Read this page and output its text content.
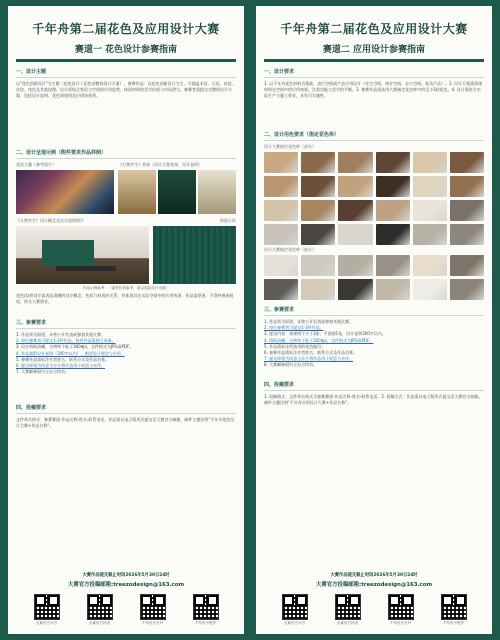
千年舟第二届花色及应用设计大赛
赛道一 花色设计参赛指南
一、设计主题
以"花色创新设计"为主题（花色设计 / 花色的整体设计方案）。参赛作品：以花色创新设计为主，可涵盖木纹、石纹、布纹、皮纹、纯色及其他纹理，设计需贴合家居与空间的应用趋势，体现材料的美学价值与市场潜力。参赛者需提交完整的设计方案，包括设计说明、花色效果图及应用场景图。
二、设计呈现示例（附件要求作品样例）
花纹主题（参考图片）	《万物共生》效果（设计方案效果、设计说明）
《万物共生》设计概念及设计说明图片	饰面小样
作品示例参考：（素材仅供参考，请以实际设计为准）
花色/纹样设计需表达清晰的设计概念、色彩与材质的关系，并体现其在实际空间中的应用效果，作品需原创，不得抄袭或侵权，符合大赛要求。
三、参赛要求
1. 作品须为原创，未曾公开发表或参加其他比赛。
2. 每位参赛者可提交1-3件作品，每件作品需独立成册。
3. 设计图纸清晰，分辨率不低于300dpi，文件格式为JPG或PDF。
4. 作品需附设计说明（300字以内），阐述设计理念与应用。
5. 参赛作品需标注作者姓名、联系方式及作品名称。
6. 提交即视为同意主办方将作品用于展览与宣传。
7. 大赛解释权归主办方所有。
四、投稿要求
文件命名格式：参赛赛道-作品名称-姓名-联系电话。作品需以电子版形式提交至大赛官方邮箱，邮件主题注明"千年舟花色设计大赛+作品名称"。
大赛作品提交截止时间2026年5月30日24时
大赛官方投稿邮箱:treezodesign@163.com
大赛官方平台	大赛官方抖音	千年舟官方号	千年舟小程序
千年舟第二届花色及应用设计大赛
赛道二 应用设计参赛指南
一、设计要求
1. 以千年舟花色材料为基础，进行空间或产品应用设计（住宅空间、商业空间、办公空间、家具产品）。2. 设计方案需体现材料在空间中的应用效果，注重功能与美学的平衡。3. 参赛作品需选用大赛指定花色库中的至少3款花色。4. 设计需符合实际生产与施工要求，具有可实施性。
二、设计用色要求（指定花色库）
设计大赛指定花色库（部分）
设计大赛指定花色库（部分）
三、参赛要求
1. 作品须为原创，未曾公开发表或参加其他比赛。
2. 每位参赛者可提交1-3件作品。
3. 提交内容：效果图不少于3张，平面图1张，设计说明300字以内。
4. 图纸清晰，分辨率不低于300dpi，文件格式为JPG或PDF。
5. 作品需标注所选用的花色编号。
6. 参赛作品需标注作者姓名、联系方式及作品名称。
7. 提交即视为同意主办方将作品用于展览与宣传。
8. 大赛解释权归主办方所有。
四、投稿要求
1. 投稿格式：文件命名格式为参赛赛道-作品名称-姓名-联系电话。2. 投稿方式：作品需以电子版形式提交至大赛官方邮箱，邮件主题注明"千年舟应用设计大赛+作品名称"。
大赛作品提交截止时间2026年5月30日24时
大赛官方投稿邮箱:treezodesign@163.com
大赛官方平台	大赛官方抖音	千年舟官方号	千年舟小程序
